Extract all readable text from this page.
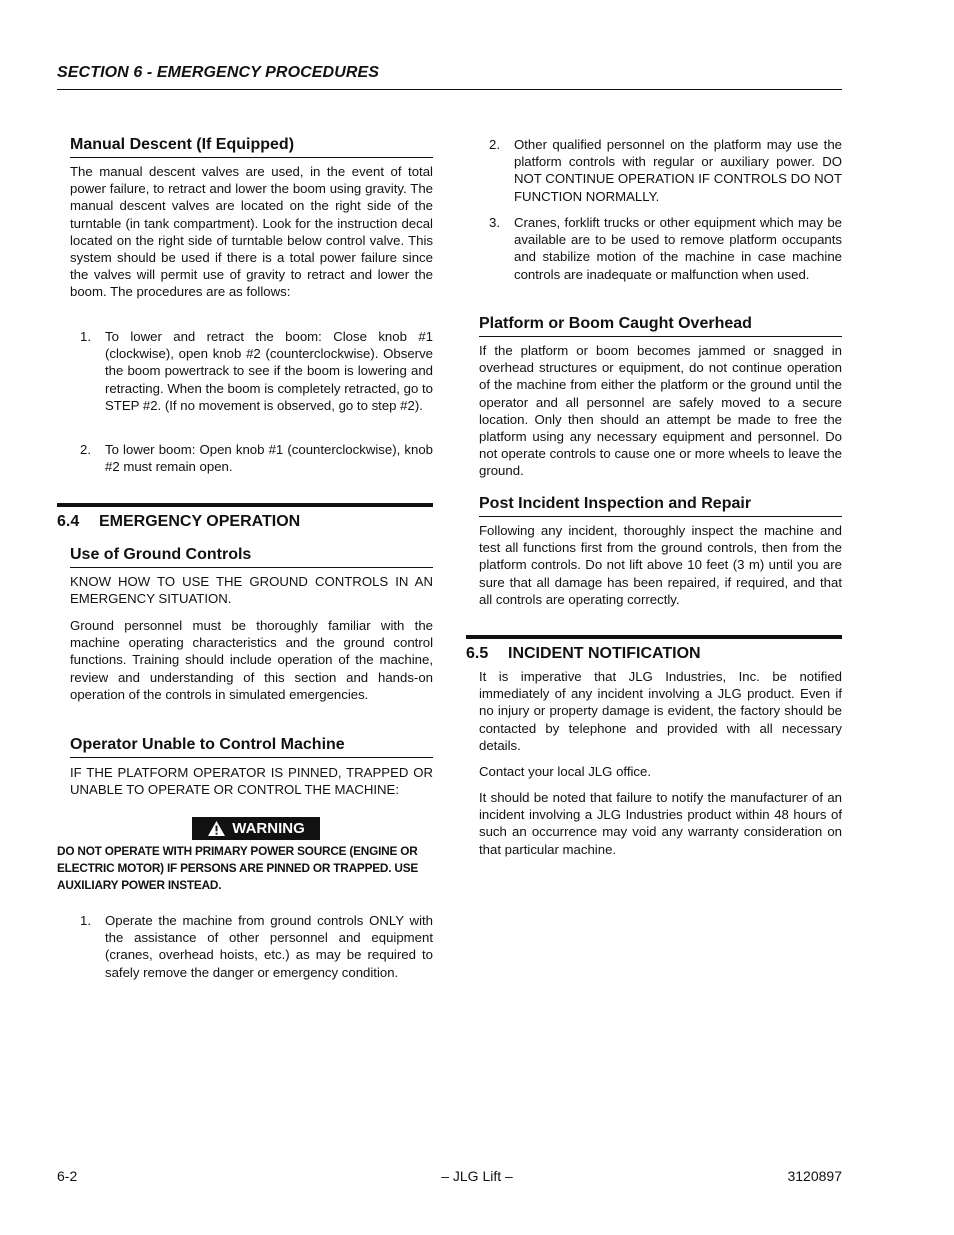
SECTION 6 - EMERGENCY PROCEDURES
Manual Descent (If Equipped)
The manual descent valves are used, in the event of total power failure, to retract and lower the boom using gravity. The manual descent valves are located on the right side of the turntable (in tank compartment). Look for the instruction decal located on the right side of turntable below control valve. This system should be used if there is a total power failure since the valves will permit use of gravity to retract and lower the boom. The procedures are as follows:
1. To lower and retract the boom: Close knob #1 (clockwise), open knob #2 (counterclockwise). Observe the boom powertrack to see if the boom is lowering and retracting. When the boom is completely retracted, go to STEP #2. (If no movement is observed, go to step #2).
2. To lower boom: Open knob #1 (counterclockwise), knob #2 must remain open.
6.4 EMERGENCY OPERATION
Use of Ground Controls
KNOW HOW TO USE THE GROUND CONTROLS IN AN EMERGENCY SITUATION.
Ground personnel must be thoroughly familiar with the machine operating characteristics and the ground control functions. Training should include operation of the machine, review and understanding of this section and hands-on operation of the controls in simulated emergencies.
Operator Unable to Control Machine
IF THE PLATFORM OPERATOR IS PINNED, TRAPPED OR UNABLE TO OPERATE OR CONTROL THE MACHINE:
WARNING
DO NOT OPERATE WITH PRIMARY POWER SOURCE (ENGINE OR ELECTRIC MOTOR) IF PERSONS ARE PINNED OR TRAPPED. USE AUXILIARY POWER INSTEAD.
1. Operate the machine from ground controls ONLY with the assistance of other personnel and equipment (cranes, overhead hoists, etc.) as may be required to safely remove the danger or emergency condition.
2. Other qualified personnel on the platform may use the platform controls with regular or auxiliary power. DO NOT CONTINUE OPERATION IF CONTROLS DO NOT FUNCTION NORMALLY.
3. Cranes, forklift trucks or other equipment which may be available are to be used to remove platform occupants and stabilize motion of the machine in case machine controls are inadequate or malfunction when used.
Platform or Boom Caught Overhead
If the platform or boom becomes jammed or snagged in overhead structures or equipment, do not continue operation of the machine from either the platform or the ground until the operator and all personnel are safely moved to a secure location. Only then should an attempt be made to free the platform using any necessary equipment and personnel. Do not operate controls to cause one or more wheels to leave the ground.
Post Incident Inspection and Repair
Following any incident, thoroughly inspect the machine and test all functions first from the ground controls, then from the platform controls. Do not lift above 10 feet (3 m) until you are sure that all damage has been repaired, if required, and that all controls are operating correctly.
6.5 INCIDENT NOTIFICATION
It is imperative that JLG Industries, Inc. be notified immediately of any incident involving a JLG product. Even if no injury or property damage is evident, the factory should be contacted by telephone and provided with all necessary details.
Contact your local JLG office.
It should be noted that failure to notify the manufacturer of an incident involving a JLG Industries product within 48 hours of such an occurrence may void any warranty consideration on that particular machine.
6-2	– JLG Lift –	3120897
